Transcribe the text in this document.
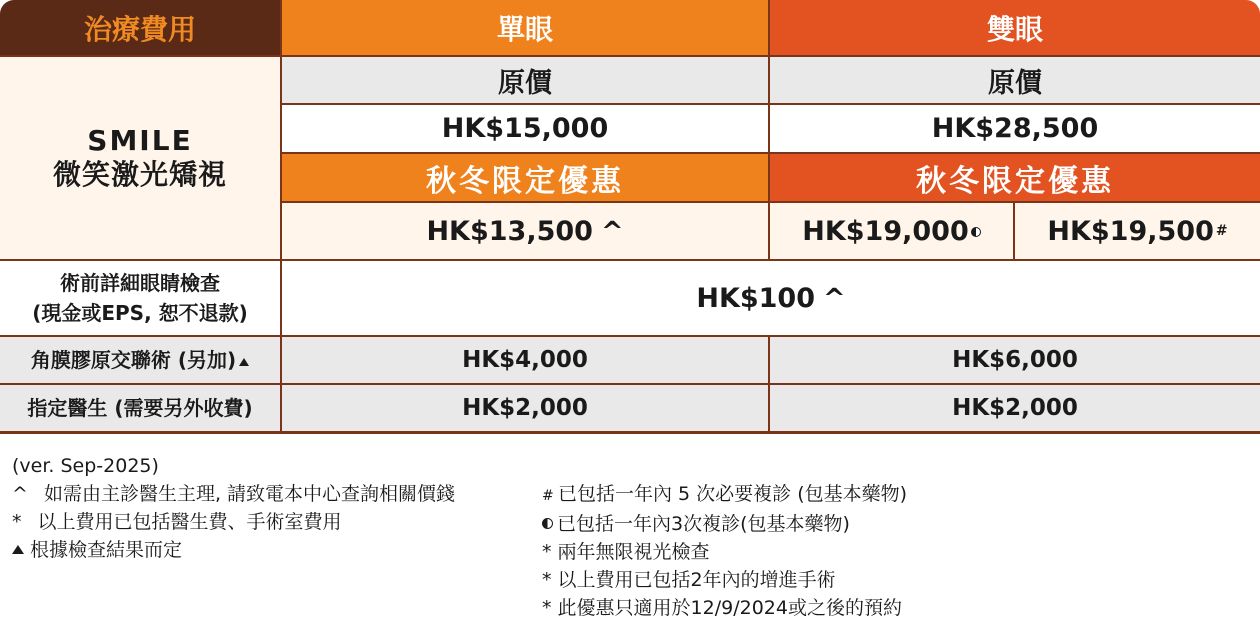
治療費用	單眼	雙眼
SMILE
微笑激光矯視
原價	原價
HK$15,000	HK$28,500
秋冬限定優惠	秋冬限定優惠
HK$13,500 ^	HK$19,000	HK$19,500 #
術前詳細眼睛檢查
(現金或EPS, 恕不退款)	HK$100 ^
角膜膠原交聯術 (另加)	HK$4,000	HK$6,000
指定醫生 (需要另外收費)	HK$2,000	HK$2,000
(ver. Sep-2025)
^ 如需由主診醫生主理, 請致電本中心查詢相關價錢
* 以上費用已包括醫生費、手術室費用
根據檢查結果而定
# 已包括一年內 5 次必要複診 (包基本藥物)
已包括一年內3次複診(包基本藥物)
* 兩年無限視光檢查
* 以上費用已包括2年內的增進手術
* 此優惠只適用於12/9/2024或之後的預約
